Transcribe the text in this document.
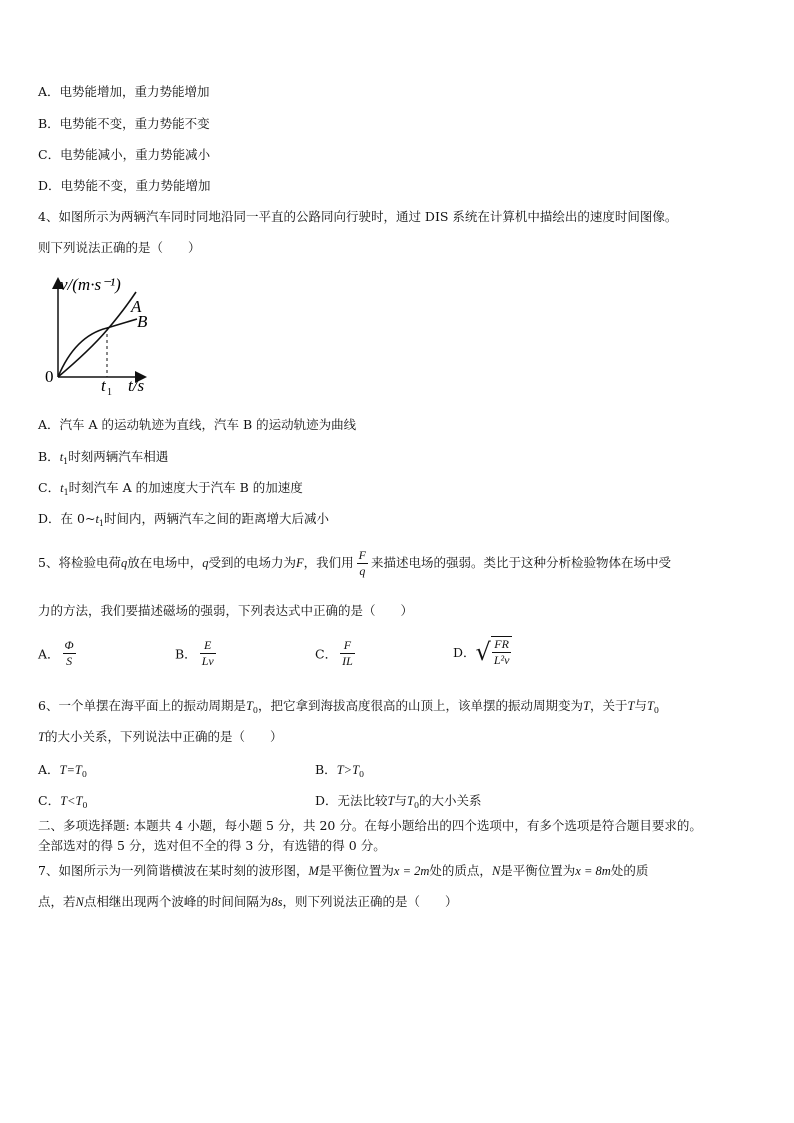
A．电势能增加，重力势能增加
B．电势能不变，重力势能不变
C．电势能减小，重力势能减小
D．电势能不变，重力势能增加
4、如图所示为两辆汽车同时同地沿同一平直的公路同向行驶时，通过 DIS 系统在计算机中描绘出的速度时间图像。
则下列说法正确的是（　　）
v/(m·s⁻¹)
A
B
0	t 1 t/s
A．汽车 A 的运动轨迹为直线，汽车 B 的运动轨迹为曲线
B．$t_1$时刻两辆汽车相遇
C．$t_1$时刻汽车 A 的加速度大于汽车 B 的加速度
D．在 $0\sim t_1$时间内，两辆汽车之间的距离增大后减小
5、将检验电荷q放在电场中，q受到的电场力为F，我们用 $\frac{F}{q}$ 来描述电场的强弱。类比于这种分析检验物体在场中受
力的方法，我们要描述磁场的强弱，下列表达式中正确的是（　　）
A． $\frac{\Phi}{S}$	B． $\frac{E}{Lv}$	C． $\frac{F}{IL}$	D．√ $\frac{FR}{\text{L²v}}$
6、一个单摆在海平面上的振动周期是$T_0$，把它拿到海拔高度很高的山顶上，该单摆的振动周期变为T，关于T与$T_0$
T的大小关系，下列说法中正确的是（　　）
A．$T=T_0$	B．$T>T_0$
C．$T<T_0$	D．无法比较T与$T_0$的大小关系
二、多项选择题: 本题共 4 小题，每小题 5 分，共 20 分。在每小题给出的四个选项中，有多个选项是符合题目要求的。
全部选对的得 5 分，选对但不全的得 3 分，有选错的得 0 分。
7、如图所示为一列简谐横波在某时刻的波形图，M是平衡位置为x = 2m处的质点，N是平衡位置为x = 8m处的质
点，若N点相继出现两个波峰的时间间隔为8s，则下列说法正确的是（　　）
